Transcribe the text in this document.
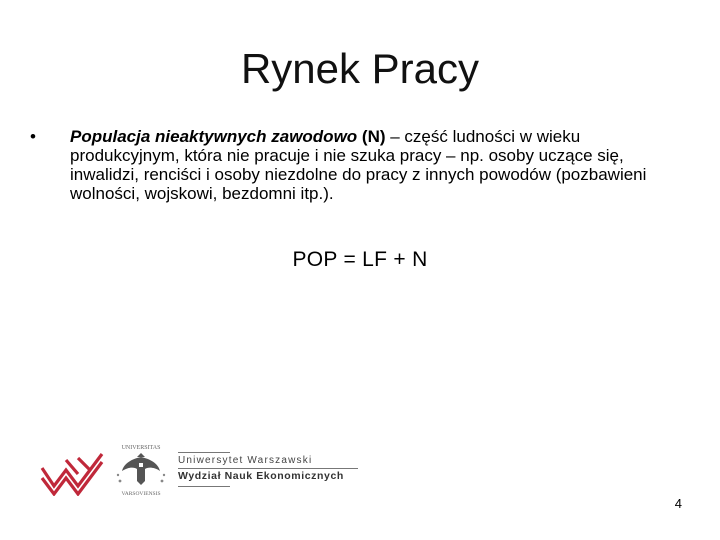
Rynek Pracy
• Populacja nieaktywnych zawodowo (N) – część ludności w wieku produkcyjnym, która nie pracuje i nie szuka pracy – np. osoby uczące się, inwalidzi, renciści i osoby niezdolne do pracy z innych powodów (pozbawieni wolności, wojskowi, bezdomni itp.).
POP = LF + N
UNIVERSITAS
VARSOVIENSIS
Uniwersytet Warszawski
Wydział Nauk Ekonomicznych
4
